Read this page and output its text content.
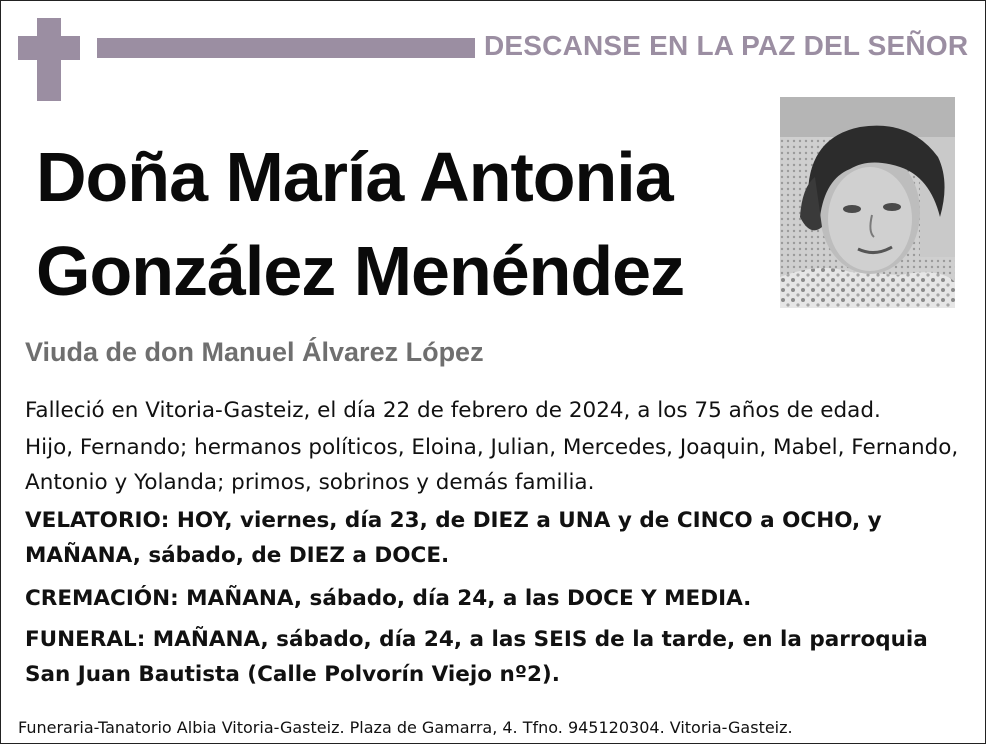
DESCANSE EN LA PAZ DEL SEÑOR
Doña María Antonia
González Menéndez
Viuda de don Manuel Álvarez López

Falleció en Vitoria-Gasteiz, el día 22 de febrero de 2024, a los 75 años de edad.

Hijo, Fernando; hermanos políticos, Eloina, Julian, Mercedes, Joaquin, Mabel, Fernando, Antonio y Yolanda; primos, sobrinos y demás familia.

VELATORIO: HOY, viernes, día 23, de DIEZ a UNA y de CINCO a OCHO, y MAÑANA, sábado, de DIEZ a DOCE.

CREMACIÓN: MAÑANA, sábado, día 24, a las DOCE Y MEDIA.

FUNERAL: MAÑANA, sábado, día 24, a las SEIS de la tarde, en la parroquia San Juan Bautista (Calle Polvorín Viejo nº2).

Funeraria-Tanatorio Albia Vitoria-Gasteiz. Plaza de Gamarra, 4. Tfno. 945120304. Vitoria-Gasteiz.
